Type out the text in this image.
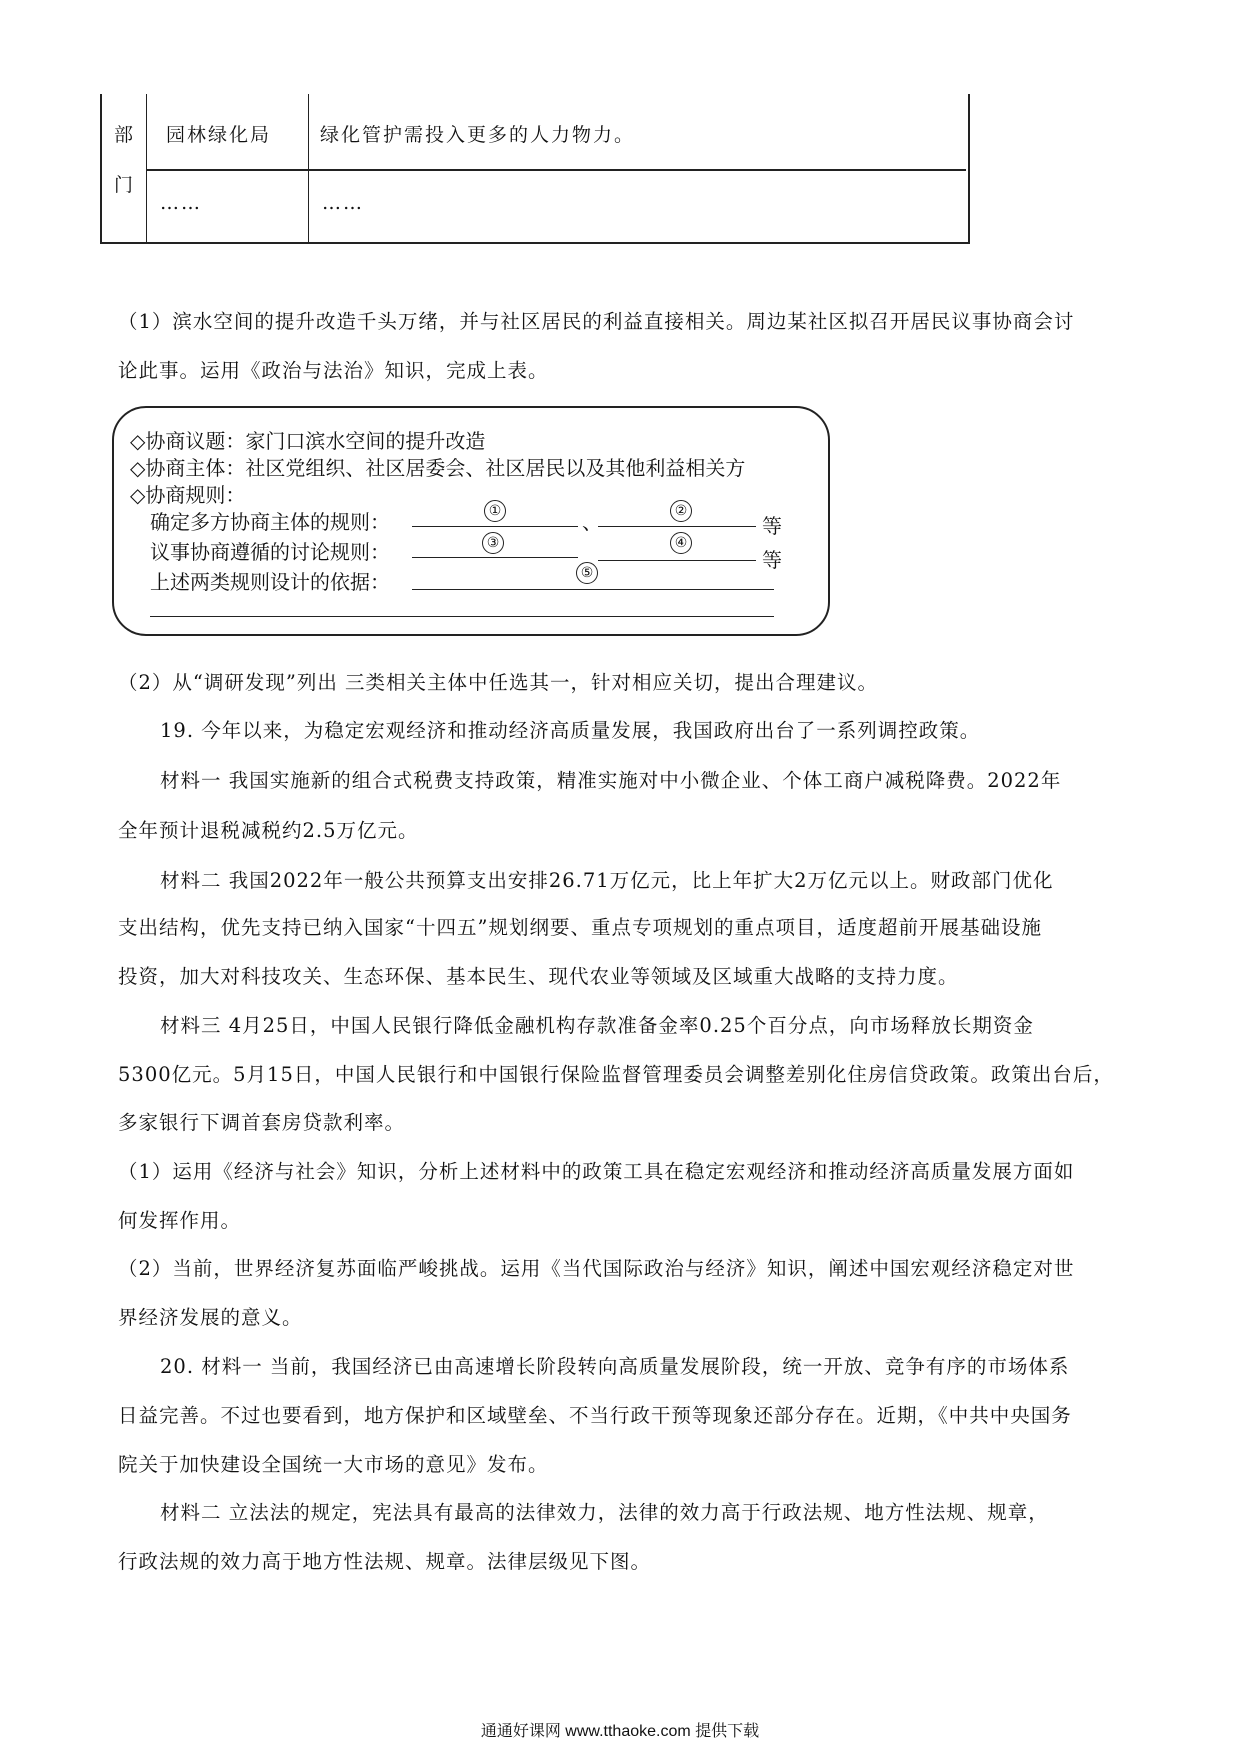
部
门
园林绿化局	绿化管护需投入更多的人力物力。
……	……
（1）滨水空间的提升改造千头万绪，并与社区居民的利益直接相关。周边某社区拟召开居民议事协商会讨
论此事。运用《政治与法治》知识，完成上表。
◇协商议题：家门口滨水空间的提升改造
◇协商主体：社区党组织、社区居委会、社区居民以及其他利益相关方
◇协商规则：
确定多方协商主体的规则：	①	、	②
等
议事协商遵循的讨论规则：	③	④
等
上述两类规则设计的依据：	⑤
（2）从“调研发现”列出 三类相关主体中任选其一，针对相应关切，提出合理建议。
19. 今年以来，为稳定宏观经济和推动经济高质量发展，我国政府出台了一系列调控政策。
材料一 我国实施新的组合式税费支持政策，精准实施对中小微企业、个体工商户减税降费。2022年
全年预计退税减税约2.5万亿元。
材料二 我国2022年一般公共预算支出安排26.71万亿元，比上年扩大2万亿元以上。财政部门优化
支出结构，优先支持已纳入国家“十四五”规划纲要、重点专项规划的重点项目，适度超前开展基础设施
投资，加大对科技攻关、生态环保、基本民生、现代农业等领域及区域重大战略的支持力度。
材料三 4月25日，中国人民银行降低金融机构存款准备金率0.25个百分点，向市场释放长期资金
5300亿元。5月15日，中国人民银行和中国银行保险监督管理委员会调整差别化住房信贷政策。政策出台后，
多家银行下调首套房贷款利率。
（1）运用《经济与社会》知识，分析上述材料中的政策工具在稳定宏观经济和推动经济高质量发展方面如
何发挥作用。
（2）当前，世界经济复苏面临严峻挑战。运用《当代国际政治与经济》知识，阐述中国宏观经济稳定对世
界经济发展的意义。
20. 材料一 当前，我国经济已由高速增长阶段转向高质量发展阶段，统一开放、竞争有序的市场体系
日益完善。不过也要看到，地方保护和区域壁垒、不当行政干预等现象还部分存在。近期，《中共中央国务
院关于加快建设全国统一大市场的意见》发布。
材料二 立法法的规定，宪法具有最高的法律效力，法律的效力高于行政法规、地方性法规、规章，
行政法规的效力高于地方性法规、规章。法律层级见下图。
通通好课网 www.tthaoke.com 提供下载
